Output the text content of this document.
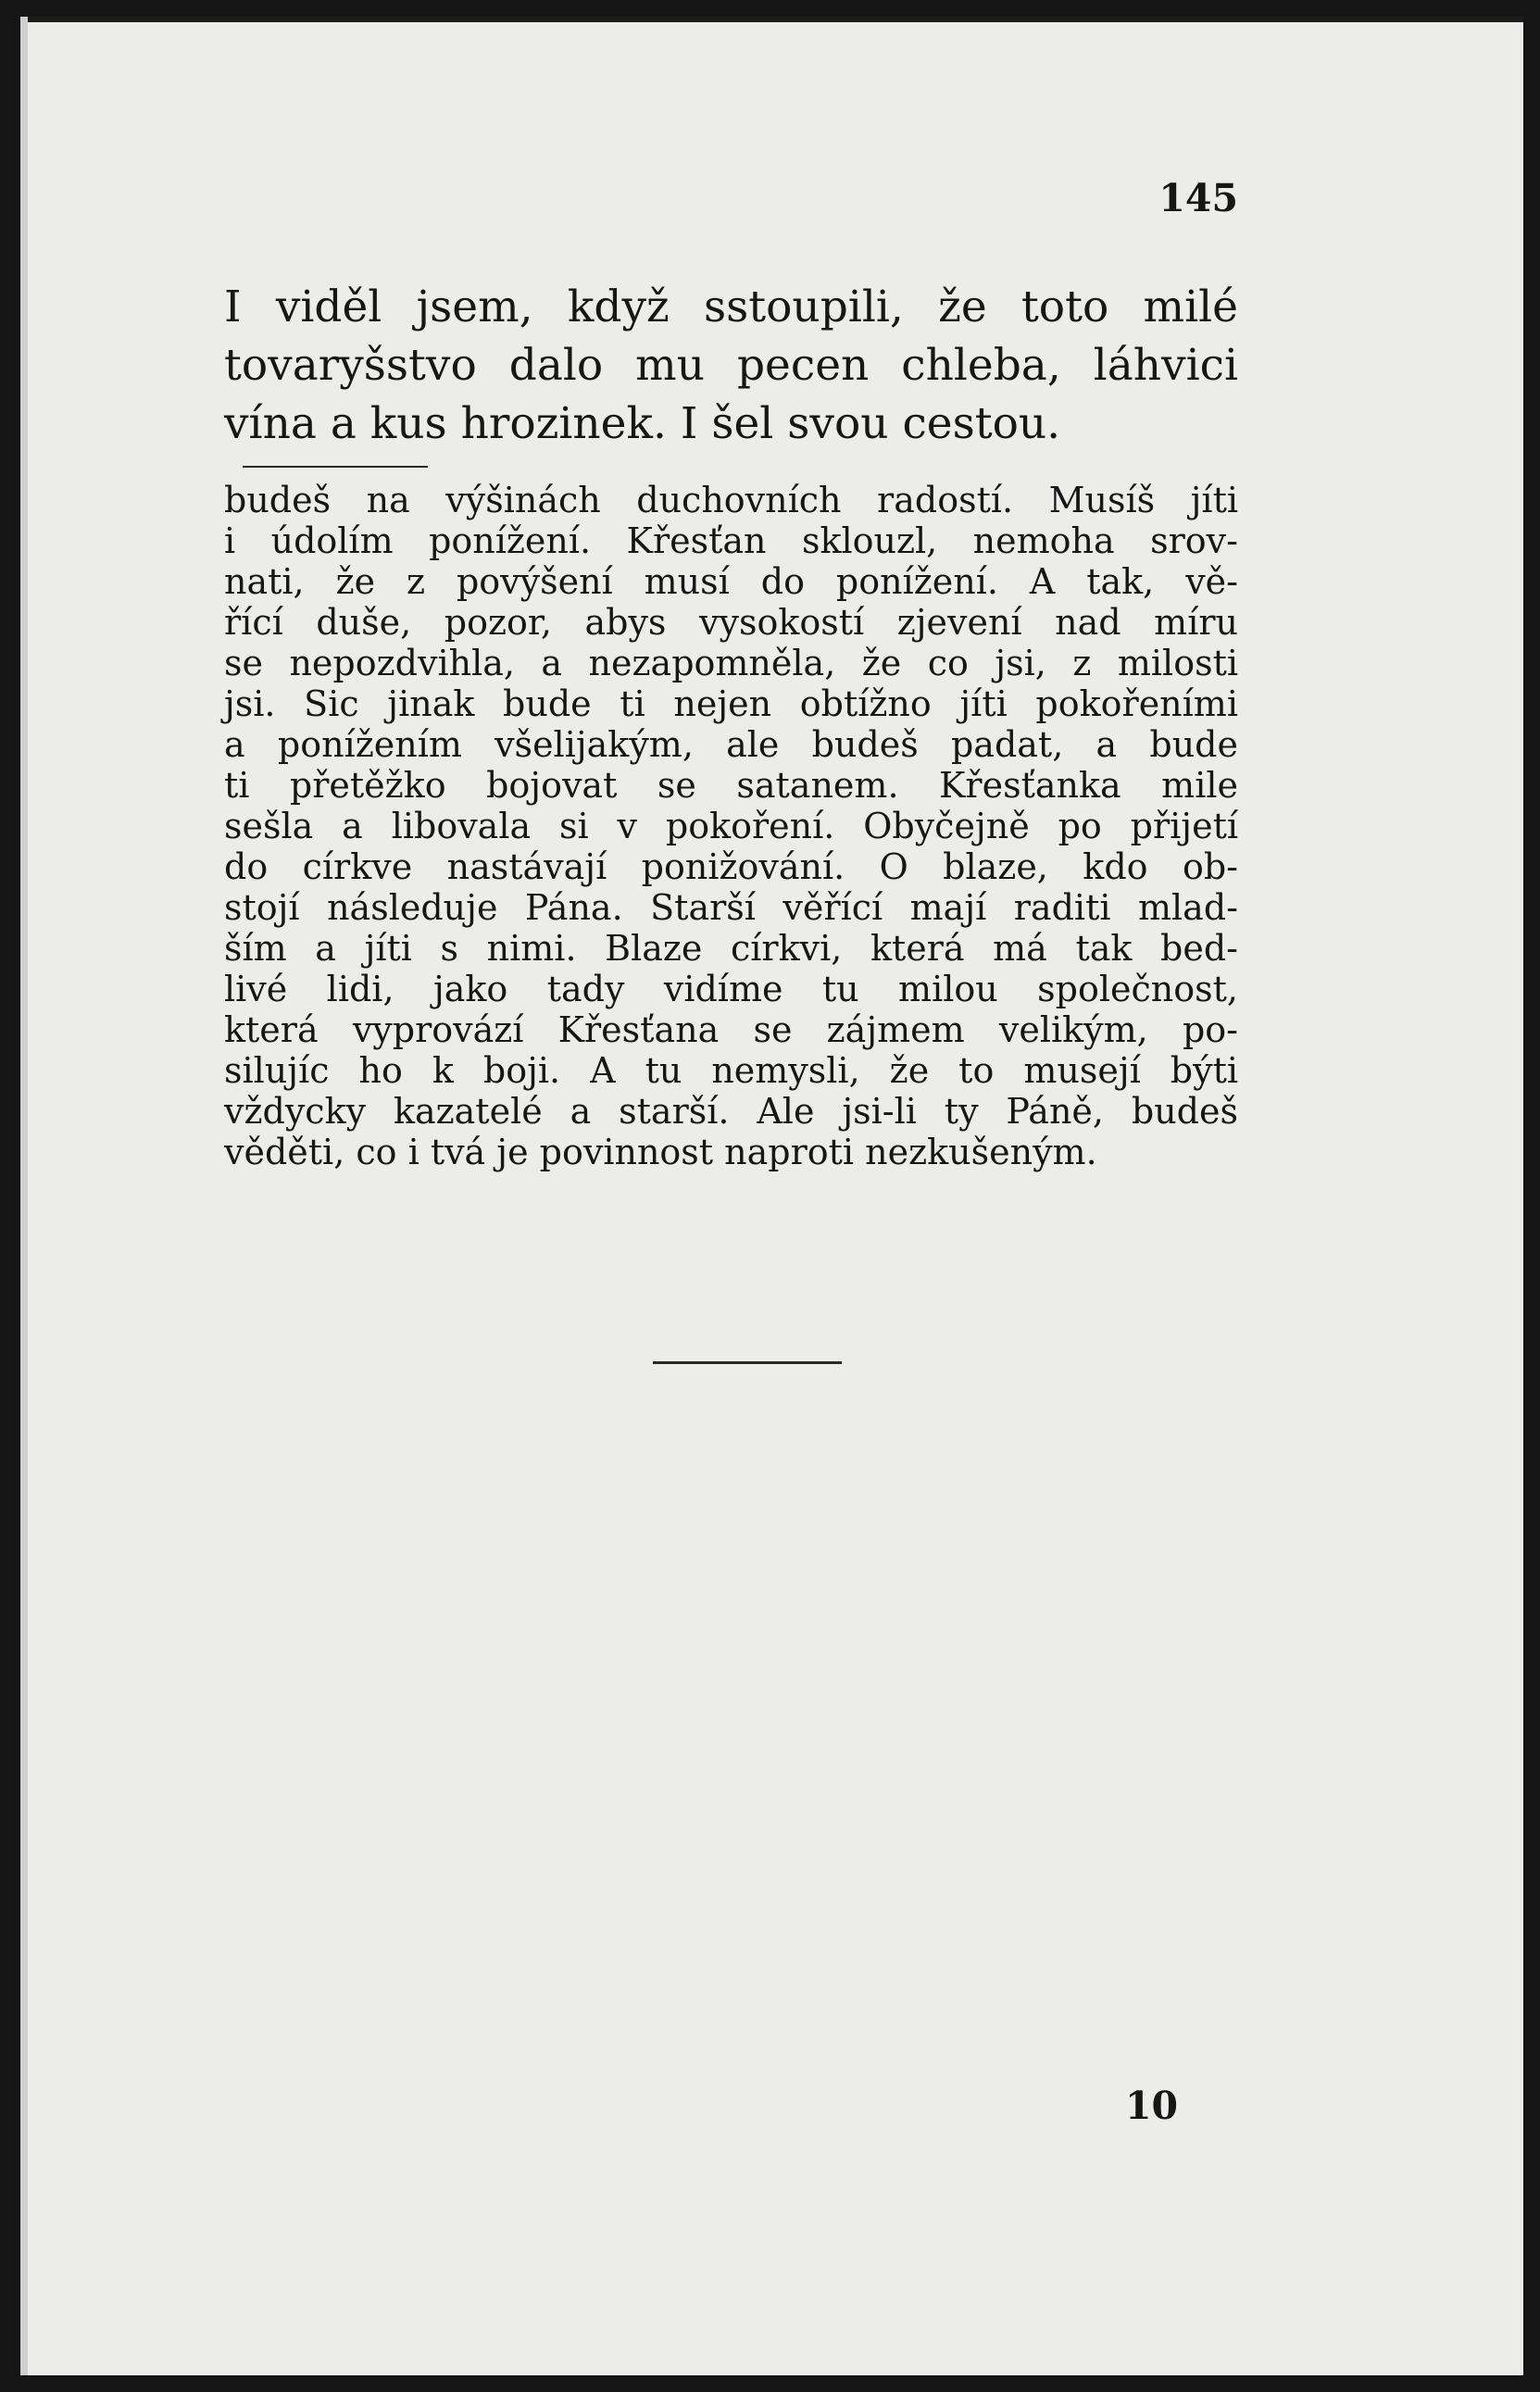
145
I viděl jsem, když sstoupili, že toto milé
tovaryšstvo dalo mu pecen chleba, láhvici
vína a kus hrozinek. I šel svou cestou.
budeš na výšinách duchovních radostí. Musíš jíti
i údolím ponížení. Křesťan sklouzl, nemoha srov-
nati, že z povýšení musí do ponížení. A tak, vě-
řící duše, pozor, abys vysokostí zjevení nad míru
se nepozdvihla, a nezapomněla, že co jsi, z milosti
jsi. Sic jinak bude ti nejen obtížno jíti pokořeními
a ponížením všelijakým, ale budeš padat, a bude
ti přetěžko bojovat se satanem. Křesťanka mile
sešla a libovala si v pokoření. Obyčejně po přijetí
do církve nastávají ponižování. O blaze, kdo ob-
stojí následuje Pána. Starší věřící mají raditi mlad-
ším a jíti s nimi. Blaze církvi, která má tak bed-
livé lidi, jako tady vidíme tu milou společnost,
která vyprovází Křesťana se zájmem velikým, po-
silujíc ho k boji. A tu nemysli, že to musejí býti
vždycky kazatelé a starší. Ale jsi-li ty Páně, budeš
věděti, co i tvá je povinnost naproti nezkušeným.
10
